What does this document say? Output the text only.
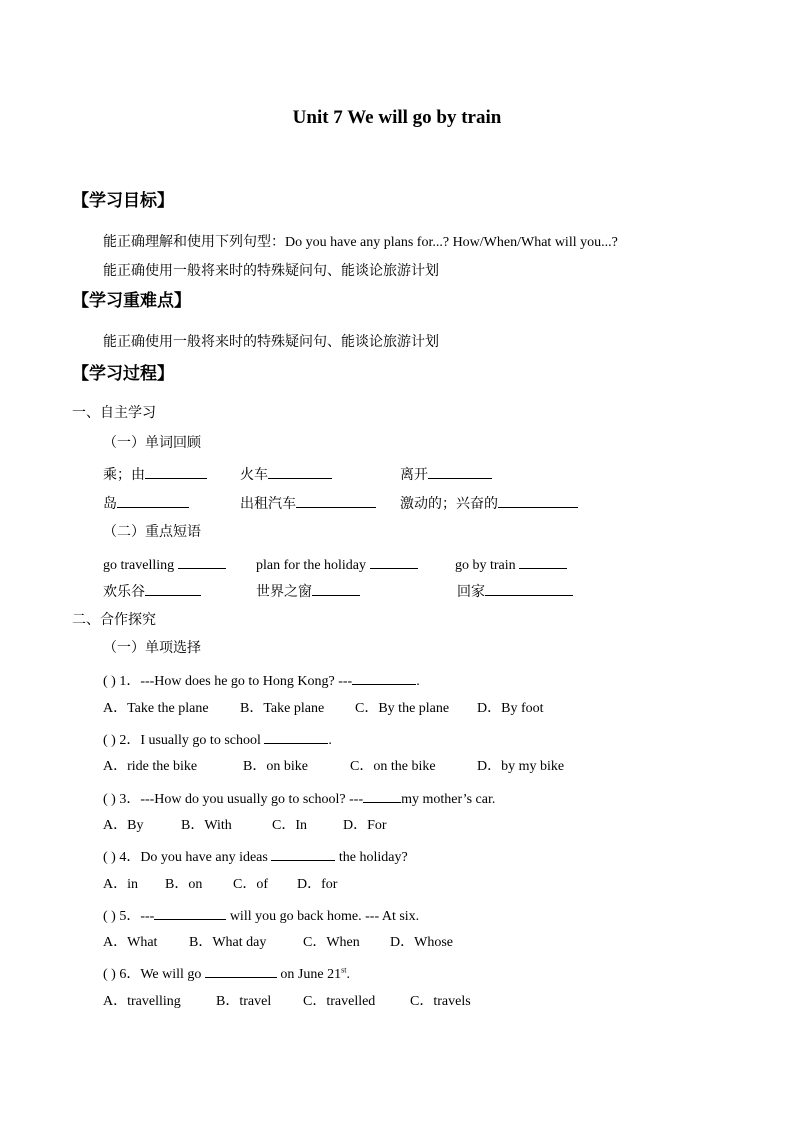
Unit 7 We will go by train
【学习目标】
能正确理解和使用下列句型：Do you have any plans for...? How/When/What will you...?
能正确使用一般将来时的特殊疑问句、能谈论旅游计划
【学习重难点】
能正确使用一般将来时的特殊疑问句、能谈论旅游计划
【学习过程】
一、自主学习
（一）单词回顾
乘；由	火车	离开
岛	出租汽车	激动的；兴奋的
（二）重点短语
go travelling	plan for the holiday	go by train
欢乐谷	世界之窗	回家
二、合作探究
（一）单项选择
( ) 1．---How does he go to Hong Kong? ---	.
A．Take the plane B．Take plane C．By the plane D．By foot
( ) 2．I usually go to school	.
A．ride the bike	B．on bike	C．on the bike	D．by my bike
( ) 3．---How do you usually go to school? ---	my mother’s car.
A．By	B．With	C．In	D．For
( ) 4．Do you have any ideas	the holiday?
A．in B．on C．of D．for
( ) 5．---	will you go back home. --- At six.
A．What B．What day	C．When D．Whose
( ) 6．We will go	on June 21st.
A．travelling	B．travel C．travelled C．travels
